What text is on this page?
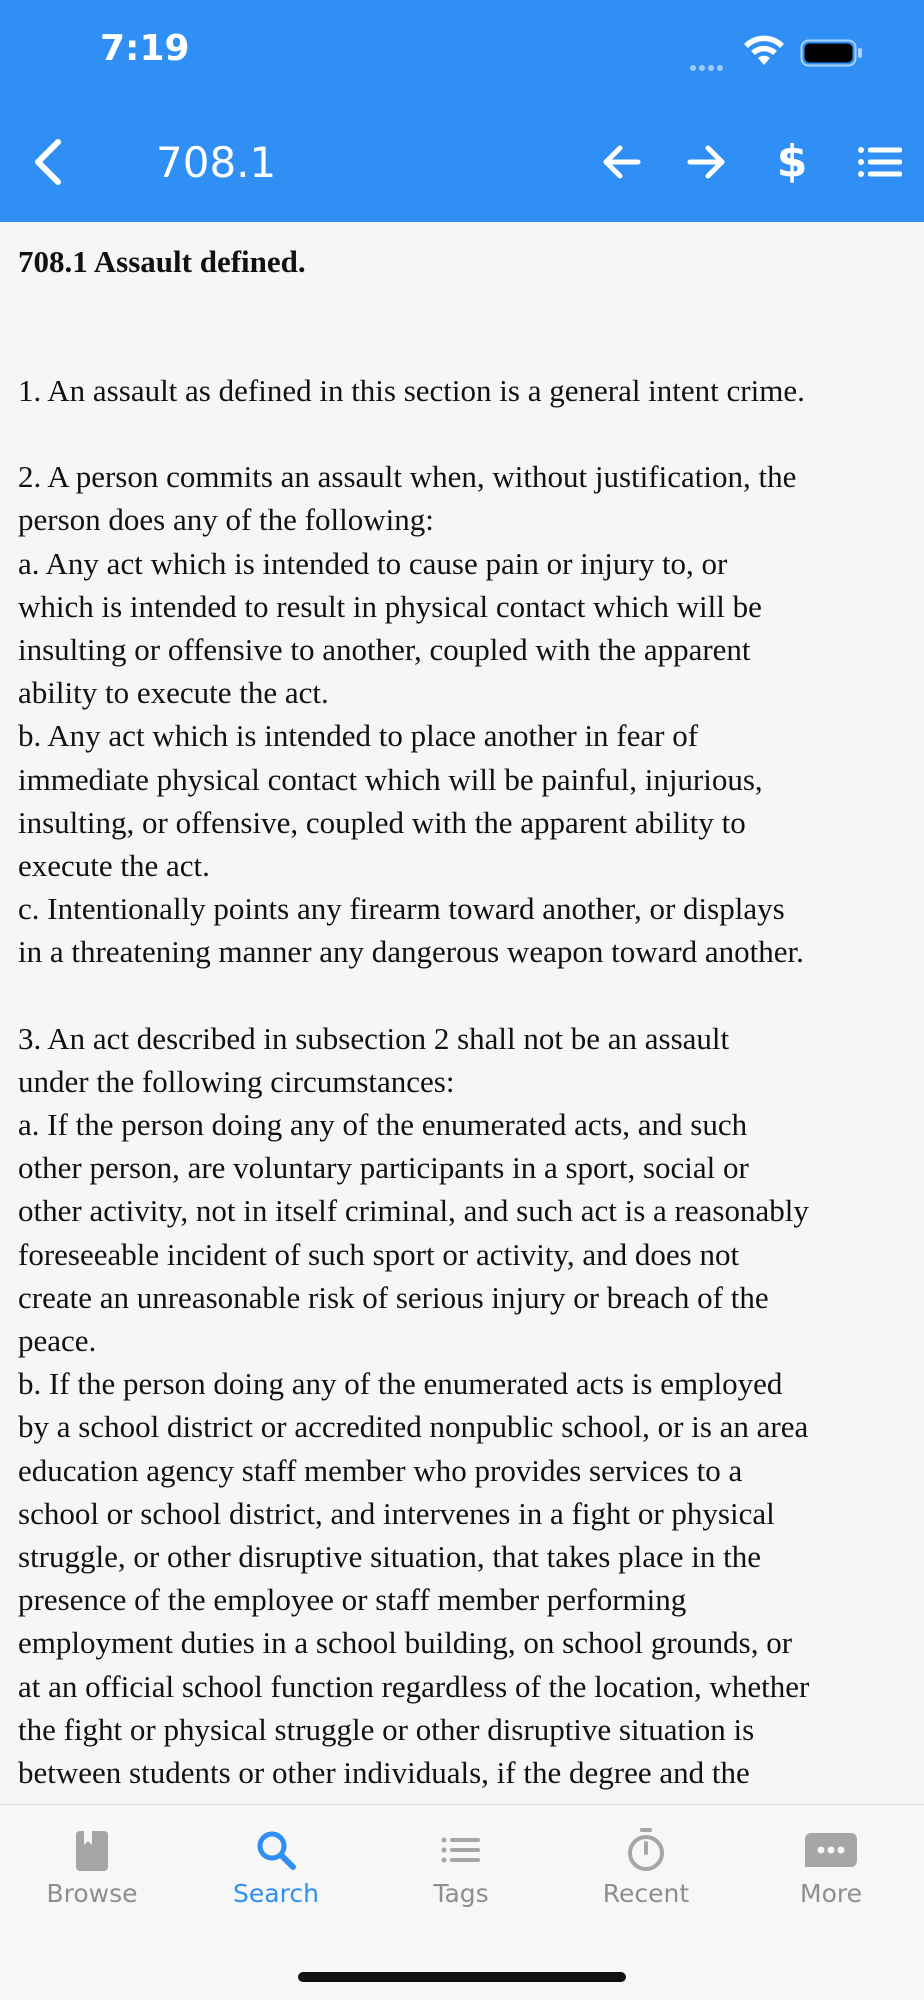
7:19
708.1	$
708.1 Assault defined.
1. An assault as defined in this section is a general intent crime.
2. A person commits an assault when, without justification, the
person does any of the following:
a. Any act which is intended to cause pain or injury to, or
which is intended to result in physical contact which will be
insulting or offensive to another, coupled with the apparent
ability to execute the act.
b. Any act which is intended to place another in fear of
immediate physical contact which will be painful, injurious,
insulting, or offensive, coupled with the apparent ability to
execute the act.
c. Intentionally points any firearm toward another, or displays
in a threatening manner any dangerous weapon toward another.
3. An act described in subsection 2 shall not be an assault
under the following circumstances:
a. If the person doing any of the enumerated acts, and such
other person, are voluntary participants in a sport, social or
other activity, not in itself criminal, and such act is a reasonably
foreseeable incident of such sport or activity, and does not
create an unreasonable risk of serious injury or breach of the
peace.
b. If the person doing any of the enumerated acts is employed
by a school district or accredited nonpublic school, or is an area
education agency staff member who provides services to a
school or school district, and intervenes in a fight or physical
struggle, or other disruptive situation, that takes place in the
presence of the employee or staff member performing
employment duties in a school building, on school grounds, or
at an official school function regardless of the location, whether
the fight or physical struggle or other disruptive situation is
between students or other individuals, if the degree and the
Browse	Search	Tags	Recent	More
